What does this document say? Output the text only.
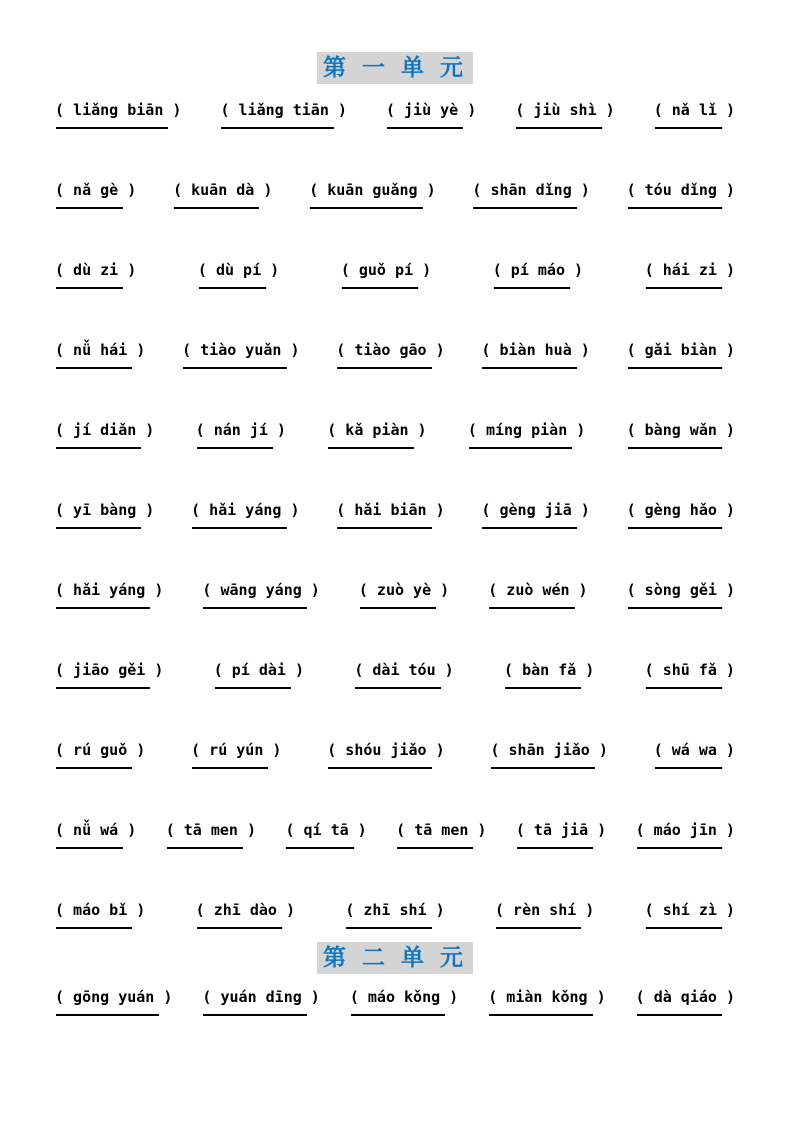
第 一 单 元
( liǎng biān )	( liǎng tiān )	( jiù yè )	( jiù shì )	( nǎ lǐ )
( nǎ gè ) ( kuān dà ) ( kuān guǎng ) ( shān dǐng ) ( tóu dǐng )
( dù zi )	( dù pí )	( guǒ pí )	( pí máo )	( hái zi )
( nǚ hái ) ( tiào yuǎn ) ( tiào gāo ) ( biàn huà ) ( gǎi biàn )
( jí diǎn )	( nán jí )	( kǎ piàn )	( míng piàn )	( bàng wǎn )
( yī bàng ) ( hǎi yáng ) ( hǎi biān ) ( gèng jiā ) ( gèng hǎo )
( hǎi yáng )	( wāng yáng )	( zuò yè )	( zuò wén )	( sòng gěi )
( jiāo gěi )	( pí dài )	( dài tóu )	( bàn fǎ )	( shū fǎ )
( rú guǒ )	( rú yún )	( shóu jiǎo )	( shān jiǎo )	( wá wa )
( nǚ wá ) ( tā men ) ( qí tā ) ( tā men ) ( tā jiā ) ( máo jīn )
( máo bǐ )	( zhī dào )	( zhī shí )	( rèn shí )	( shí zì )
第 二 单 元
( gōng yuán ) ( yuán dīng ) ( máo kǒng ) ( miàn kǒng ) ( dà qiáo )
